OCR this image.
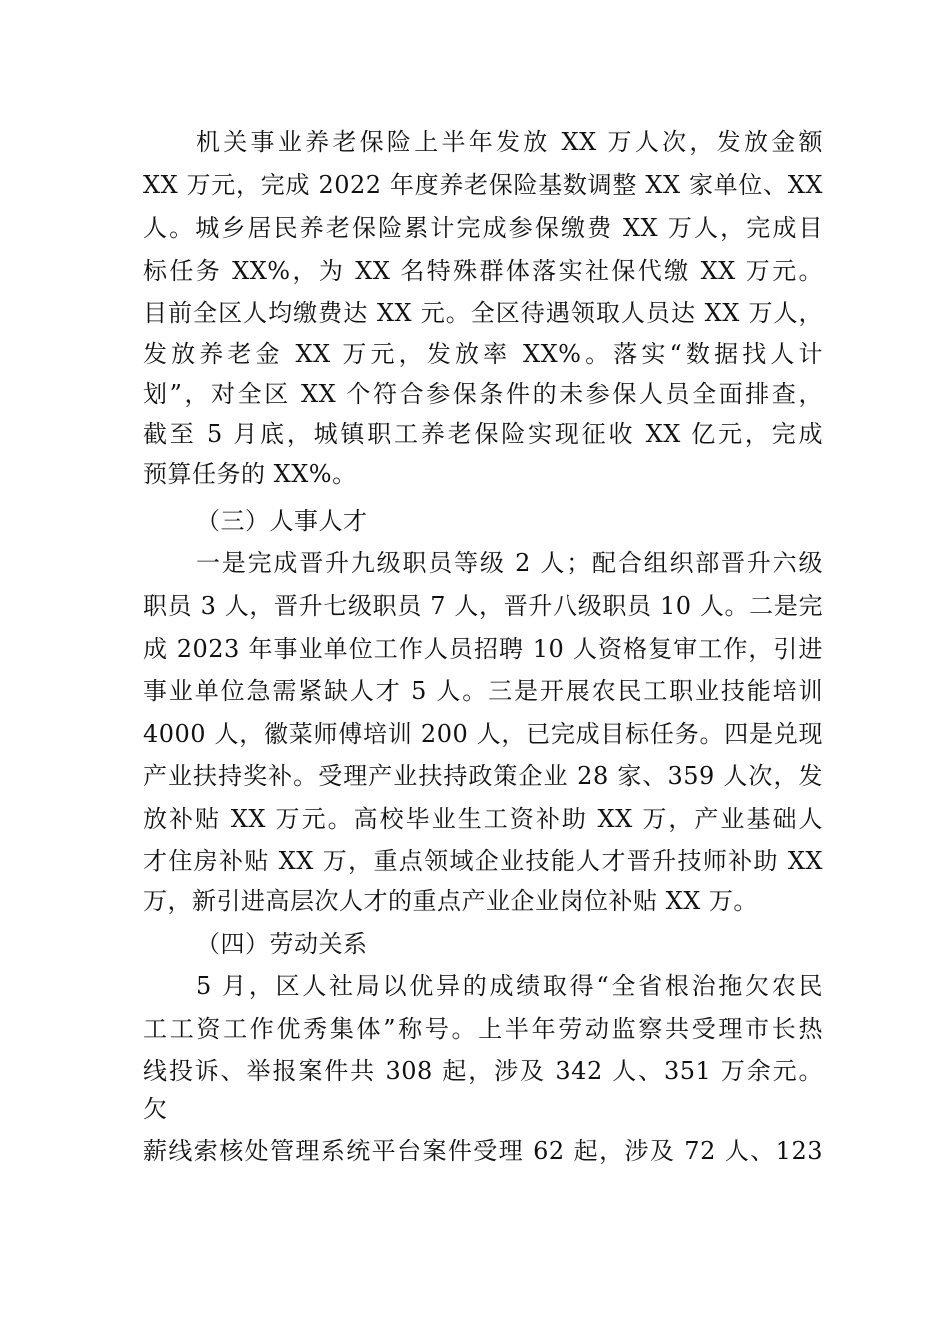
机关事业养老保险上半年发放 XX 万人次，发放金额
XX 万元，完成 2022 年度养老保险基数调整 XX 家单位、XX
人。城乡居民养老保险累计完成参保缴费 XX 万人，完成目
标任务 XX%，为 XX 名特殊群体落实社保代缴 XX 万元。
目前全区人均缴费达 XX 元。全区待遇领取人员达 XX 万人，
发放养老金 XX 万元，发放率 XX%。落实“数据找人计
划”，对全区 XX 个符合参保条件的未参保人员全面排查，
截至 5 月底，城镇职工养老保险实现征收 XX 亿元，完成
预算任务的 XX%。
（三）人事人才
一是完成晋升九级职员等级 2 人；配合组织部晋升六级
职员 3 人，晋升七级职员 7 人，晋升八级职员 10 人。二是完
成 2023 年事业单位工作人员招聘 10 人资格复审工作，引进
事业单位急需紧缺人才 5 人。三是开展农民工职业技能培训
4000 人，徽菜师傅培训 200 人，已完成目标任务。四是兑现
产业扶持奖补。受理产业扶持政策企业 28 家、359 人次，发
放补贴 XX 万元。高校毕业生工资补助 XX 万，产业基础人
才住房补贴 XX 万，重点领域企业技能人才晋升技师补助 XX
万，新引进高层次人才的重点产业企业岗位补贴 XX 万。
（四）劳动关系
5 月，区人社局以优异的成绩取得“全省根治拖欠农民
工工资工作优秀集体”称号。上半年劳动监察共受理市长热
线投诉、举报案件共 308 起，涉及 342 人、351 万余元。
欠
薪线索核处管理系统平台案件受理 62 起，涉及 72 人、123
